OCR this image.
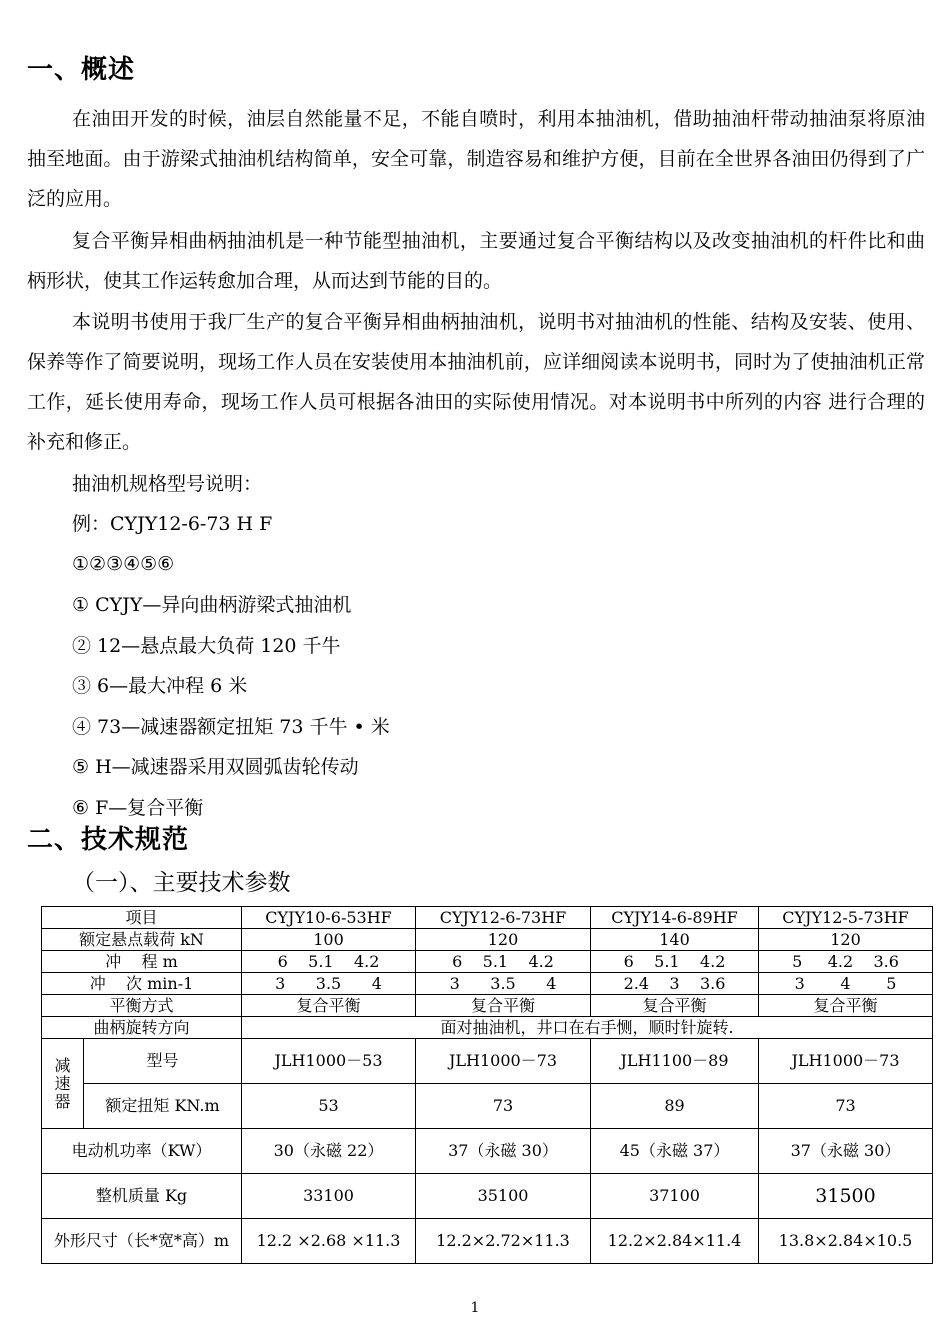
一、概述
在油田开发的时候，油层自然能量不足，不能自喷时，利用本抽油机，借助抽油杆带动抽油泵将原油抽至地面。由于游梁式抽油机结构简单，安全可靠，制造容易和维护方便，目前在全世界各油田仍得到了广泛的应用。
复合平衡异相曲柄抽油机是一种节能型抽油机，主要通过复合平衡结构以及改变抽油机的杆件比和曲柄形状，使其工作运转愈加合理，从而达到节能的目的。
本说明书使用于我厂生产的复合平衡异相曲柄抽油机，说明书对抽油机的性能、结构及安装、使用、保养等作了简要说明，现场工作人员在安装使用本抽油机前，应详细阅读本说明书，同时为了使抽油机正常工作，延长使用寿命，现场工作人员可根据各油田的实际使用情况。对本说明书中所列的内容 进行合理的补充和修正。
抽油机规格型号说明：
例：CYJY12-6-73 H F
①②③④⑤⑥
① CYJY—异向曲柄游梁式抽油机
② 12—悬点最大负荷 120 千牛
③ 6—最大冲程 6 米
④ 73—减速器额定扭矩 73 千牛 • 米
⑤ H—减速器采用双圆弧齿轮传动
⑥ F—复合平衡
二、技术规范
（一）、主要技术参数
项目		CYJY10-6-53HF	CYJY12-6-73HF	CYJY14-6-89HF	CYJY12-5-73HF
额定悬点载荷 kN		100	120	140	120
冲    程 m		6    5.1    4.2	6    5.1    4.2	6    5.1    4.2	5     4.2    3.6
冲    次 min-1		3      3.5      4	3      3.5      4	2.4    3    3.6	3       4       5
平衡方式		复合平衡	复合平衡	复合平衡	复合平衡
曲柄旋转方向		面对抽油机，井口在右手恻，顺时针旋转.			

减
速
器	型号	JLH1000－53	JLH1000－73	JLH1100－89	JLH1000－73
	额定扭矩 KN.m	53	73	89	73
电动机功率（KW）		30（永磁 22）	37（永磁 30）	45（永磁 37）	37（永磁 30）
整机质量 Kg		33100	35100	37100	31500
外形尺寸（长*宽*高）m		12.2 ×2.68 ×11.3	12.2×2.72×11.3	12.2×2.84×11.4	13.8×2.84×10.5
1
